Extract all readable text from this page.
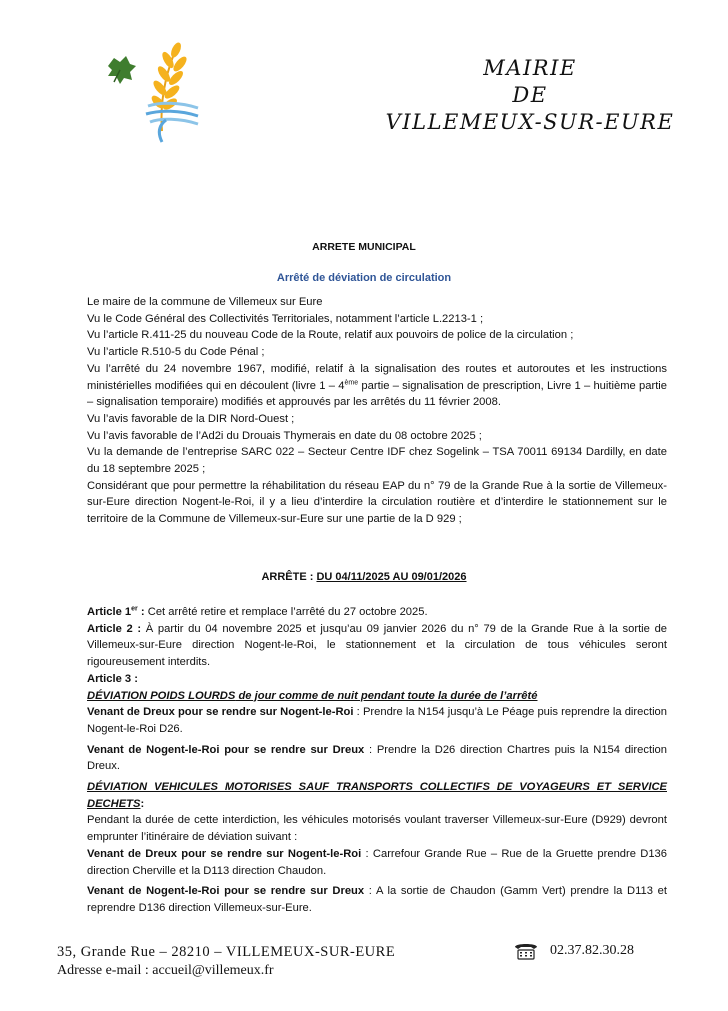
MAIRIE
DE
VILLEMEUX-SUR-EURE
ARRETE MUNICIPAL
Arrêté de déviation de circulation

Le maire de la commune de Villemeux sur Eure

Vu le Code Général des Collectivités Territoriales, notamment l’article L.2213-1 ;

Vu l’article R.411-25 du nouveau Code de la Route, relatif aux pouvoirs de police de la circulation ;

Vu l’article R.510-5 du Code Pénal ;

Vu l’arrêté du 24 novembre 1967, modifié, relatif à la signalisation des routes et autoroutes et les instructions ministérielles modifiées qui en découlent (livre 1 – 4ème partie – signalisation de prescription, Livre 1 – huitième partie – signalisation temporaire) modifiés et approuvés par les arrêtés du 11 février 2008.

Vu l’avis favorable de la DIR Nord-Ouest ;

Vu l’avis favorable de l’Ad2i du Drouais Thymerais en date du 08 octobre 2025 ;

Vu la demande de l’entreprise SARC 022 – Secteur Centre IDF chez Sogelink – TSA 70011 69134 Dardilly, en date du 18 septembre 2025 ;

Considérant que pour permettre la réhabilitation du réseau EAP du n° 79 de la Grande Rue à la sortie de Villemeux-sur-Eure direction Nogent-le-Roi, il y a lieu d’interdire la circulation routière et d’interdire le stationnement sur le territoire de la Commune de Villemeux-sur-Eure sur une partie de la D 929 ;

ARRÊTE : DU 04/11/2025 AU 09/01/2026

Article 1er : Cet arrêté retire et remplace l’arrêté du 27 octobre 2025.

Article 2 : À partir du 04 novembre 2025 et jusqu’au 09 janvier 2026 du n° 79 de la Grande Rue à la sortie de Villemeux-sur-Eure direction Nogent-le-Roi, le stationnement et la circulation de tous véhicules seront rigoureusement interdits.

Article 3 :

DÉVIATION POIDS LOURDS de jour comme de nuit pendant toute la durée de l’arrêté

Venant de Dreux pour se rendre sur Nogent-le-Roi : Prendre la N154 jusqu’à Le Péage puis reprendre la direction Nogent-le-Roi D26.

Venant de Nogent-le-Roi pour se rendre sur Dreux : Prendre la D26 direction Chartres puis la N154 direction Dreux.

DÉVIATION VEHICULES MOTORISES SAUF TRANSPORTS COLLECTIFS DE VOYAGEURS ET SERVICE DECHETS:

Pendant la durée de cette interdiction, les véhicules motorisés voulant traverser Villemeux-sur-Eure (D929) devront emprunter l’itinéraire de déviation suivant :

Venant de Dreux pour se rendre sur Nogent-le-Roi : Carrefour Grande Rue – Rue de la Gruette prendre D136 direction Cherville et la D113 direction Chaudon.

Venant de Nogent-le-Roi pour se rendre sur Dreux : A la sortie de Chaudon (Gamm Vert) prendre la D113 et reprendre D136 direction Villemeux-sur-Eure.

35, Grande Rue – 28210 – VILLEMEUX-SUR-EURE
Adresse e-mail : accueil@villemeux.fr
02.37.82.30.28
